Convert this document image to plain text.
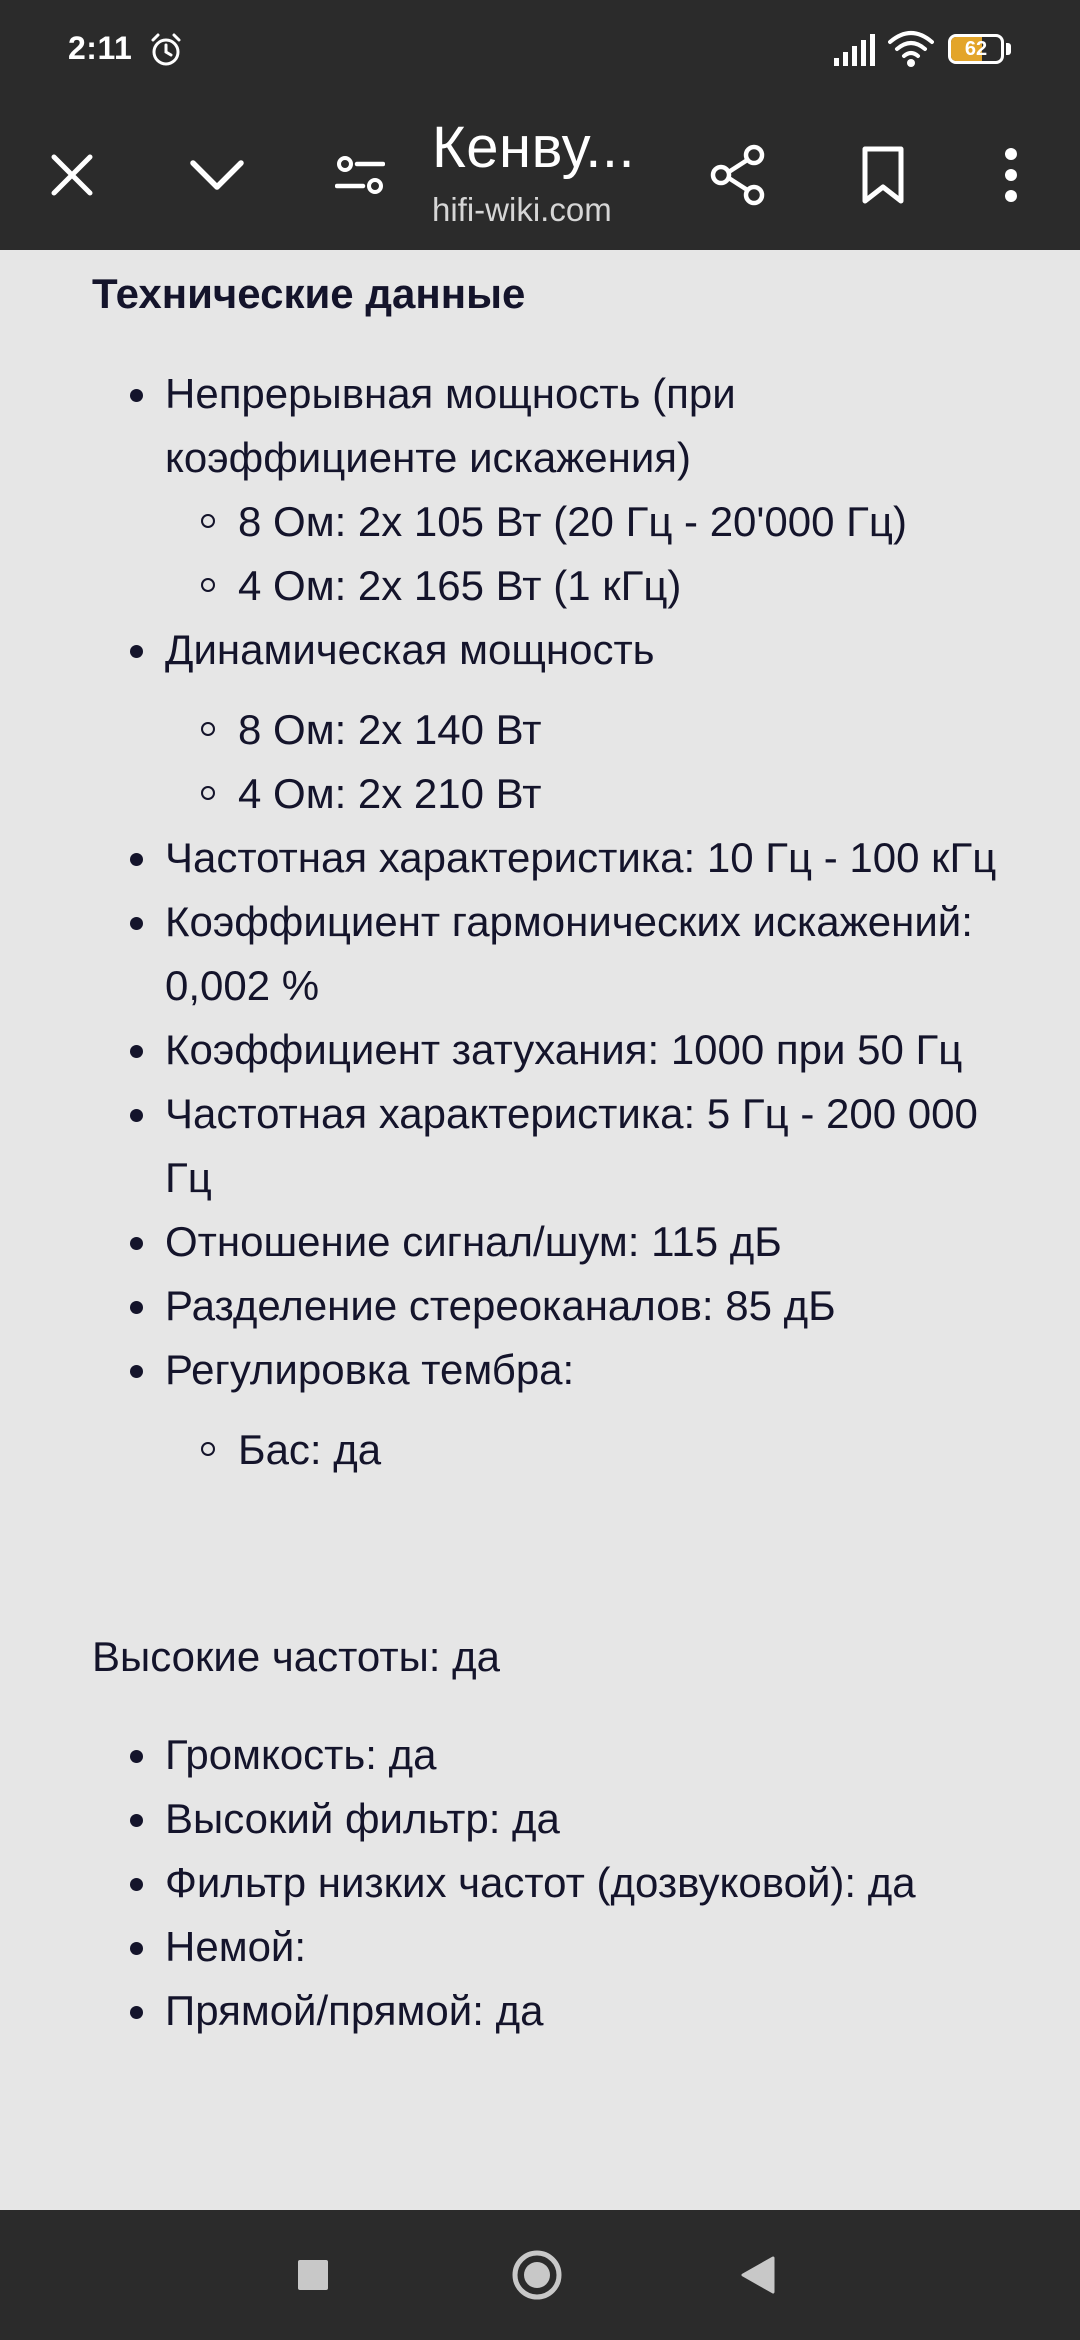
2:11	62
Кенву...
hifi-wiki.com
Технические данные
Непрерывная мощность (при коэффициенте искажения)
8 Ом: 2x 105 Вт (20 Гц - 20'000 Гц)
4 Ом: 2x 165 Вт (1 кГц)
Динамическая мощность
8 Ом: 2x 140 Вт
4 Ом: 2x 210 Вт
Частотная характеристика: 10 Гц - 100 кГц
Коэффициент гармонических искажений: 0,002 %
Коэффициент затухания: 1000 при 50 Гц
Частотная характеристика: 5 Гц - 200 000 Гц
Отношение сигнал/шум: 115 дБ
Разделение стереоканалов: 85 дБ
Регулировка тембра:
Бас: да

Высокие частоты: да

Громкость: да
Высокий фильтр: да
Фильтр низких частот (дозвуковой): да
Немой:
Прямой/прямой: да
